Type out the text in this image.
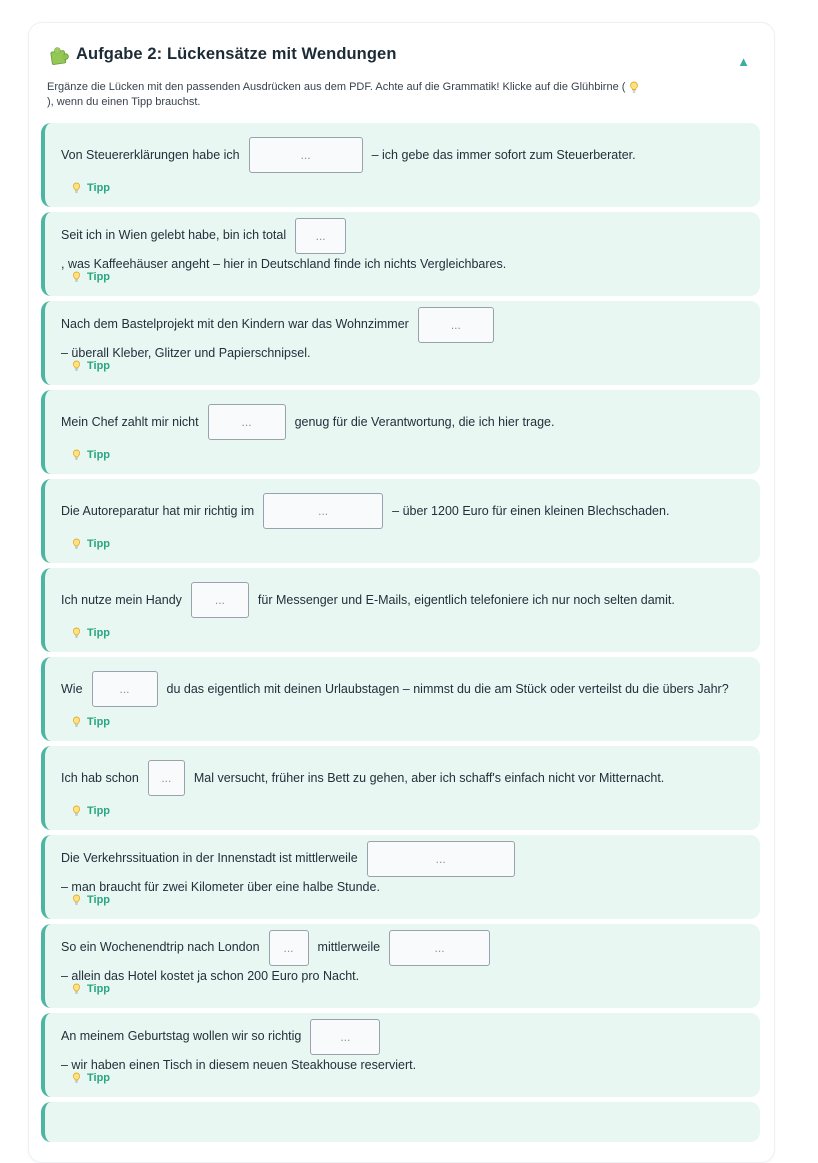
Aufgabe 2: Lückensätze mit Wendungen	▲

Ergänze die Lücken mit den passenden Ausdrücken aus dem PDF. Achte auf die Grammatik! Klicke auf die Glühbirne (
), wenn du einen Tipp brauchst.

Von Steuererklärungen habe ich
...	– ich gebe das immer sofort zum Steuerberater.
Tipp
Seit ich in Wien gelebt habe, bin ich total
...
, was Kaffeehäuser angeht – hier in Deutschland finde ich nichts Vergleichbares.
Tipp
Nach dem Bastelprojekt mit den Kindern war das Wohnzimmer
...
– überall Kleber, Glitzer und Papierschnipsel.
Tipp
Mein Chef zahlt mir nicht
...	genug für die Verantwortung, die ich hier trage.
Tipp
Die Autoreparatur hat mir richtig im
...	– über 1200 Euro für einen kleinen Blechschaden.
Tipp
Ich nutze mein Handy
...	für Messenger und E-Mails, eigentlich telefoniere ich nur noch selten damit.
Tipp
Wie
...	du das eigentlich mit deinen Urlaubstagen – nimmst du die am Stück oder verteilst du die übers Jahr?
Tipp
Ich hab schon
...	Mal versucht, früher ins Bett zu gehen, aber ich schaff's einfach nicht vor Mitternacht.
Tipp
Die Verkehrssituation in der Innenstadt ist mittlerweile
...
– man braucht für zwei Kilometer über eine halbe Stunde.
Tipp
So ein Wochenendtrip nach London
...	mittlerweile
...
– allein das Hotel kostet ja schon 200 Euro pro Nacht.
Tipp
An meinem Geburtstag wollen wir so richtig
...
– wir haben einen Tisch in diesem neuen Steakhouse reserviert.
Tipp
